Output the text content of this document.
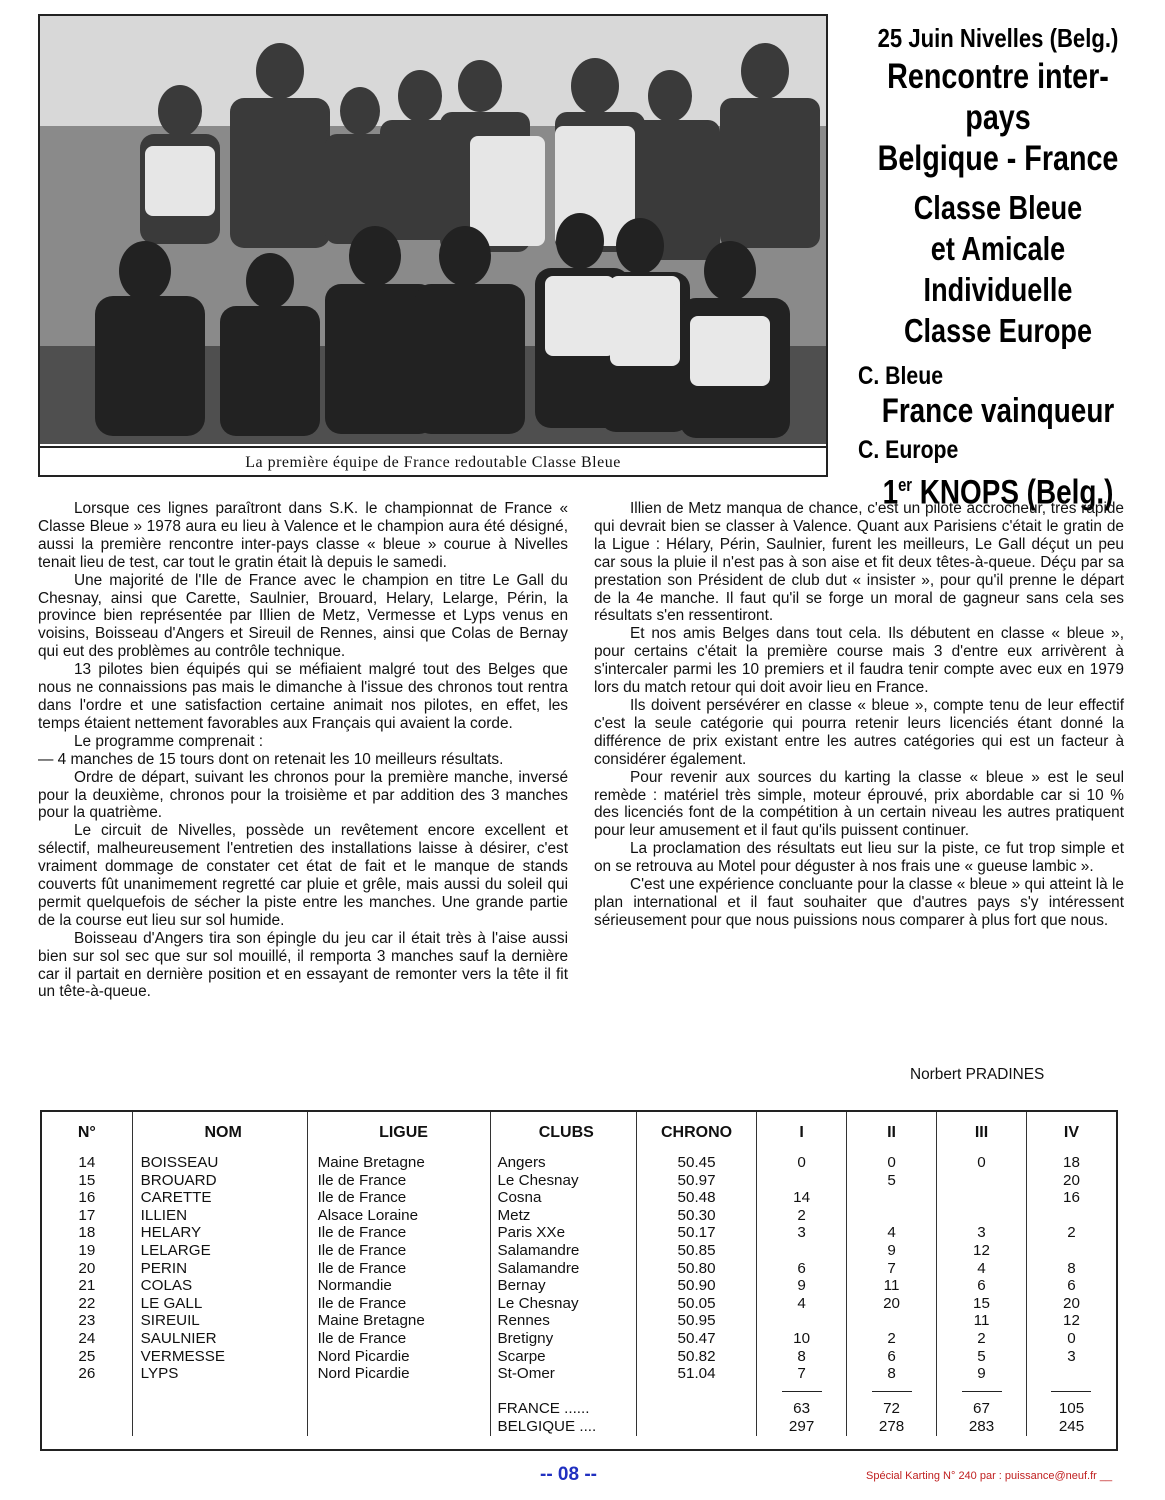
La première équipe de France redoutable Classe Bleue
25 Juin Nivelles (Belg.)
Rencontre inter-pays
Belgique - France
Classe Bleue
et Amicale
Individuelle
Classe Europe
C. Bleue
France vainqueur
C. Europe
1er KNOPS (Belg.)

Lorsque ces lignes paraîtront dans S.K. le championnat de France « Classe Bleue » 1978 aura eu lieu à Valence et le champion aura été désigné, aussi la première rencontre inter-pays classe « bleue » courue à Nivelles tenait lieu de test, car tout le gratin était là depuis le samedi.

Une majorité de l'Ile de France avec le champion en titre Le Gall du Chesnay, ainsi que Carette, Saulnier, Brouard, Helary, Lelarge, Périn, la province bien représentée par Illien de Metz, Vermesse et Lyps venus en voisins, Boisseau d'Angers et Sireuil de Rennes, ainsi que Colas de Bernay qui eut des problèmes au contrôle technique.

13 pilotes bien équipés qui se méfiaient malgré tout des Belges que nous ne connaissions pas mais le dimanche à l'issue des chronos tout rentra dans l'ordre et une satisfaction certaine animait nos pilotes, en effet, les temps étaient nettement favorables aux Français qui avaient la corde.

Le programme comprenait :

— 4 manches de 15 tours dont on retenait les 10 meilleurs résultats.

Ordre de départ, suivant les chronos pour la première manche, inversé pour la deuxième, chronos pour la troisième et par addition des 3 manches pour la quatrième.

Le circuit de Nivelles, possède un revêtement encore excellent et sélectif, malheureusement l'entretien des installations laisse à désirer, c'est vraiment dommage de constater cet état de fait et le manque de stands couverts fût unanimement regretté car pluie et grêle, mais aussi du soleil qui permit quelquefois de sécher la piste entre les manches. Une grande partie de la course eut lieu sur sol humide.

Boisseau d'Angers tira son épingle du jeu car il était très à l'aise aussi bien sur sol sec que sur sol mouillé, il remporta 3 manches sauf la dernière car il partait en dernière position et en essayant de remonter vers la tête il fit un tête-à-queue.

Illien de Metz manqua de chance, c'est un pilote accrocheur, très rapide qui devrait bien se classer à Valence. Quant aux Parisiens c'était le gratin de la Ligue : Hélary, Périn, Saulnier, furent les meilleurs, Le Gall déçut un peu car sous la pluie il n'est pas à son aise et fit deux têtes-à-queue. Déçu par sa prestation son Président de club dut « insister », pour qu'il prenne le départ de la 4e manche. Il faut qu'il se forge un moral de gagneur sans cela ses résultats s'en ressentiront.

Et nos amis Belges dans tout cela. Ils débutent en classe « bleue », pour certains c'était la première course mais 3 d'entre eux arrivèrent à s'intercaler parmi les 10 premiers et il faudra tenir compte avec eux en 1979 lors du match retour qui doit avoir lieu en France.

Ils doivent persévérer en classe « bleue », compte tenu de leur effectif c'est la seule catégorie qui pourra retenir leurs licenciés étant donné la différence de prix existant entre les autres catégories qui est un facteur à considérer également.

Pour revenir aux sources du karting la classe « bleue » est le seul remède : matériel très simple, moteur éprouvé, prix abordable car si 10 % des licenciés font de la compétition à un certain niveau les autres pratiquent pour leur amusement et il faut qu'ils puissent continuer.

La proclamation des résultats eut lieu sur la piste, ce fut trop simple et on se retrouva au Motel pour déguster à nos frais une « gueuse lambic ».

C'est une expérience concluante pour la classe « bleue » qui atteint là le plan international et il faut souhaiter que d'autres pays s'y intéressent sérieusement pour que nous puissions nous comparer à plus fort que nous.

Norbert PRADINES
N°	NOM	LIGUE	CLUBS	CHRONO	I	II	III	IV
14	BOISSEAU	Maine Bretagne	Angers	50.45	0	0	0	18
15	BROUARD	Ile de France	Le Chesnay	50.97		5		20
16	CARETTE	Ile de France	Cosna	50.48	14			16
17	ILLIEN	Alsace Loraine	Metz	50.30	2			
18	HELARY	Ile de France	Paris XXe	50.17	3	4	3	2
19	LELARGE	Ile de France	Salamandre	50.85		9	12	
20	PERIN	Ile de France	Salamandre	50.80	6	7	4	8
21	COLAS	Normandie	Bernay	50.90	9	11	6	6
22	LE GALL	Ile de France	Le Chesnay	50.05	4	20	15	20
23	SIREUIL	Maine Bretagne	Rennes	50.95			11	12
24	SAULNIER	Ile de France	Bretigny	50.47	10	2	2	0
25	VERMESSE	Nord Picardie	Scarpe	50.82	8	6	5	3
26	LYPS	Nord Picardie	St-Omer	51.04	7	8	9	

			FRANCE ......		63	72	67	105
			BELGIQUE ....		297	278	283	245
-- 08 --	Spécial Karting N° 240 par : puissance@neuf.fr __
